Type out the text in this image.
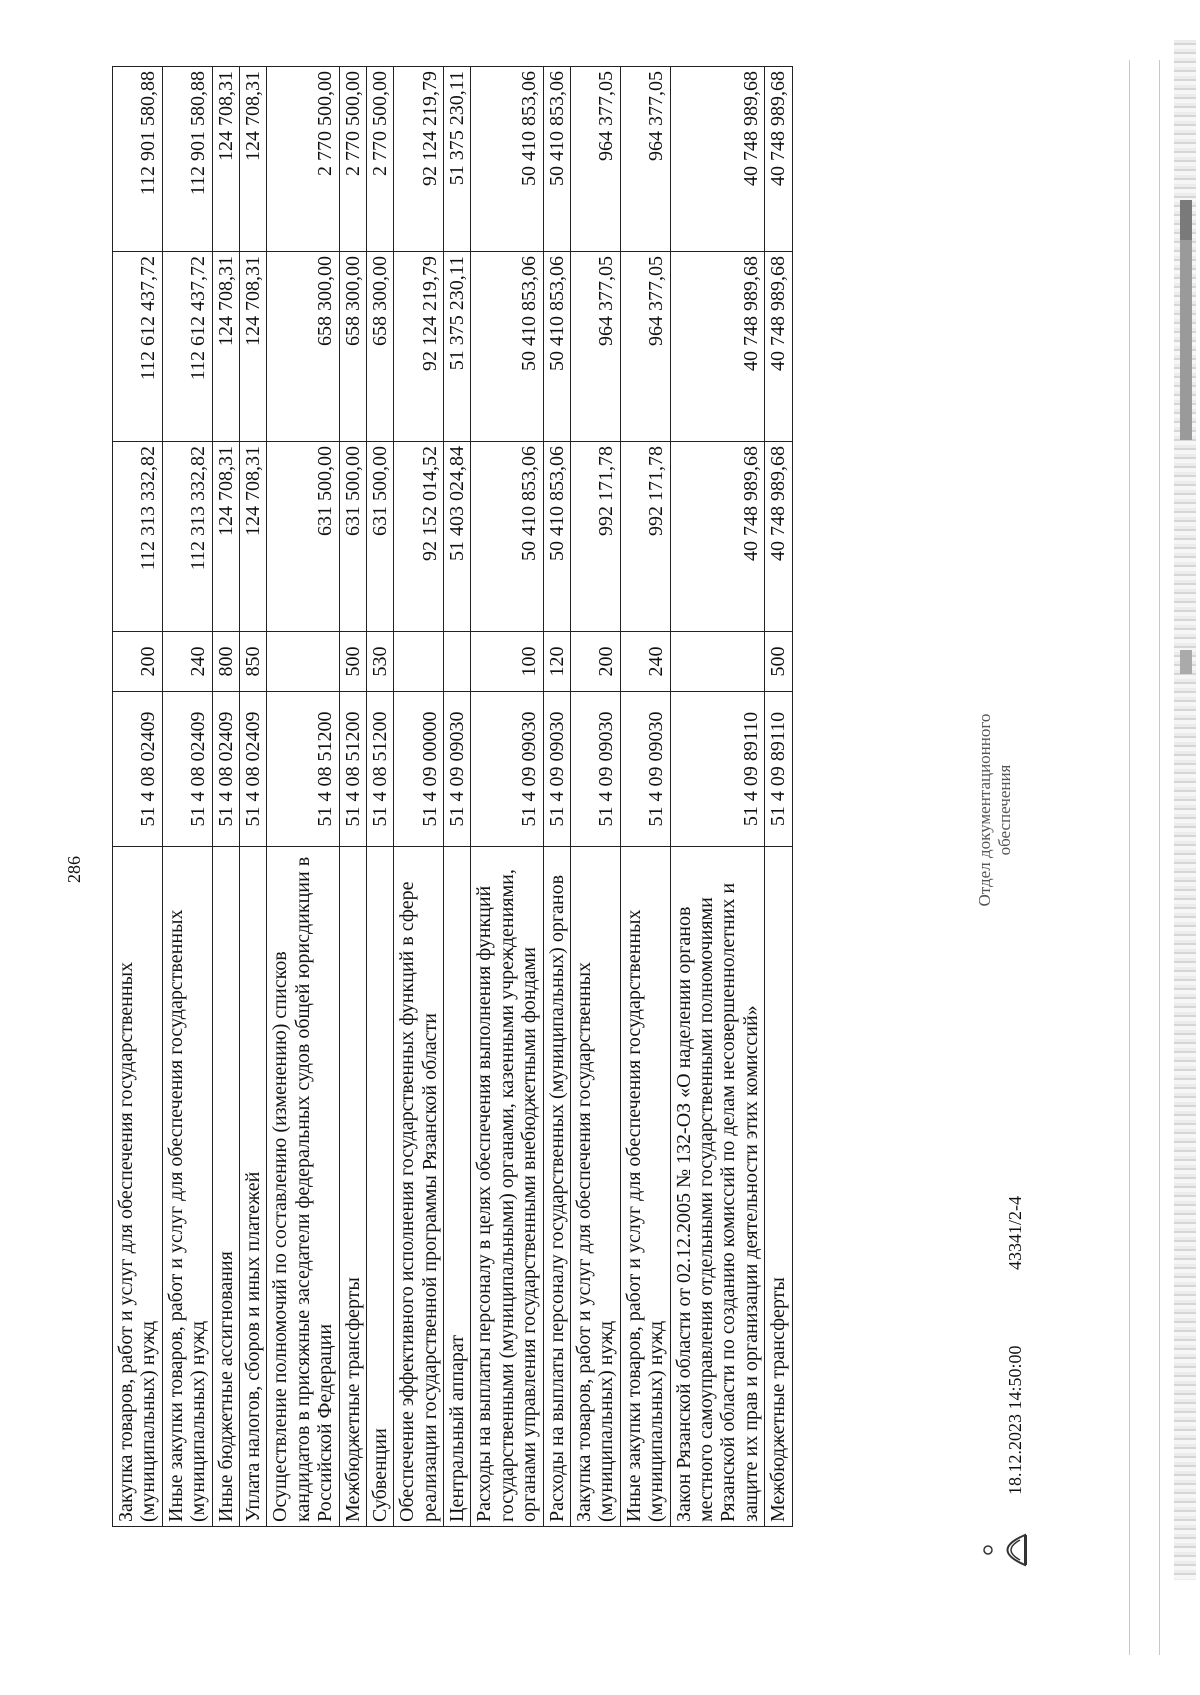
286
Закупка товаров, работ и услуг для обеспечения государственных (муниципальных) нужд	51 4 08 02409	200	112 313 332,82	112 612 437,72	112 901 580,88
Иные закупки товаров, работ и услуг для обеспечения государственных (муниципальных) нужд	51 4 08 02409	240	112 313 332,82	112 612 437,72	112 901 580,88
Иные бюджетные ассигнования	51 4 08 02409	800	124 708,31	124 708,31	124 708,31
Уплата налогов, сборов и иных платежей	51 4 08 02409	850	124 708,31	124 708,31	124 708,31
Осуществление полномочий по составлению (изменению) списков кандидатов в присяжные заседатели федеральных судов общей юрисдикции в Российской Федерации	51 4 08 51200		631 500,00	658 300,00	2 770 500,00
Межбюджетные трансферты	51 4 08 51200	500	631 500,00	658 300,00	2 770 500,00
Субвенции	51 4 08 51200	530	631 500,00	658 300,00	2 770 500,00
Обеспечение эффективного исполнения государственных функций в сфере реализации государственной программы Рязанской области	51 4 09 00000		92 152 014,52	92 124 219,79	92 124 219,79
Центральный аппарат	51 4 09 09030		51 403 024,84	51 375 230,11	51 375 230,11
Расходы на выплаты персоналу в целях обеспечения выполнения функций государственными (муниципальными) органами, казенными учреждениями, органами управления государственными внебюджетными фондами	51 4 09 09030	100	50 410 853,06	50 410 853,06	50 410 853,06
Расходы на выплаты персоналу государственных (муниципальных) органов	51 4 09 09030	120	50 410 853,06	50 410 853,06	50 410 853,06
Закупка товаров, работ и услуг для обеспечения государственных (муниципальных) нужд	51 4 09 09030	200	992 171,78	964 377,05	964 377,05
Иные закупки товаров, работ и услуг для обеспечения государственных (муниципальных) нужд	51 4 09 09030	240	992 171,78	964 377,05	964 377,05
Закон Рязанской области от 02.12.2005 № 132-ОЗ «О наделении органов местного самоуправления отдельными государственными полномочиями Рязанской области по созданию комиссий по делам несовершеннолетних и защите их прав и организации деятельности этих комиссий»	51 4 09 89110		40 748 989,68	40 748 989,68	40 748 989,68
Межбюджетные трансферты	51 4 09 89110	500	40 748 989,68	40 748 989,68	40 748 989,68
18.12.2023 14:50:00
43341/2-4
Отдел документационного обеспечения
